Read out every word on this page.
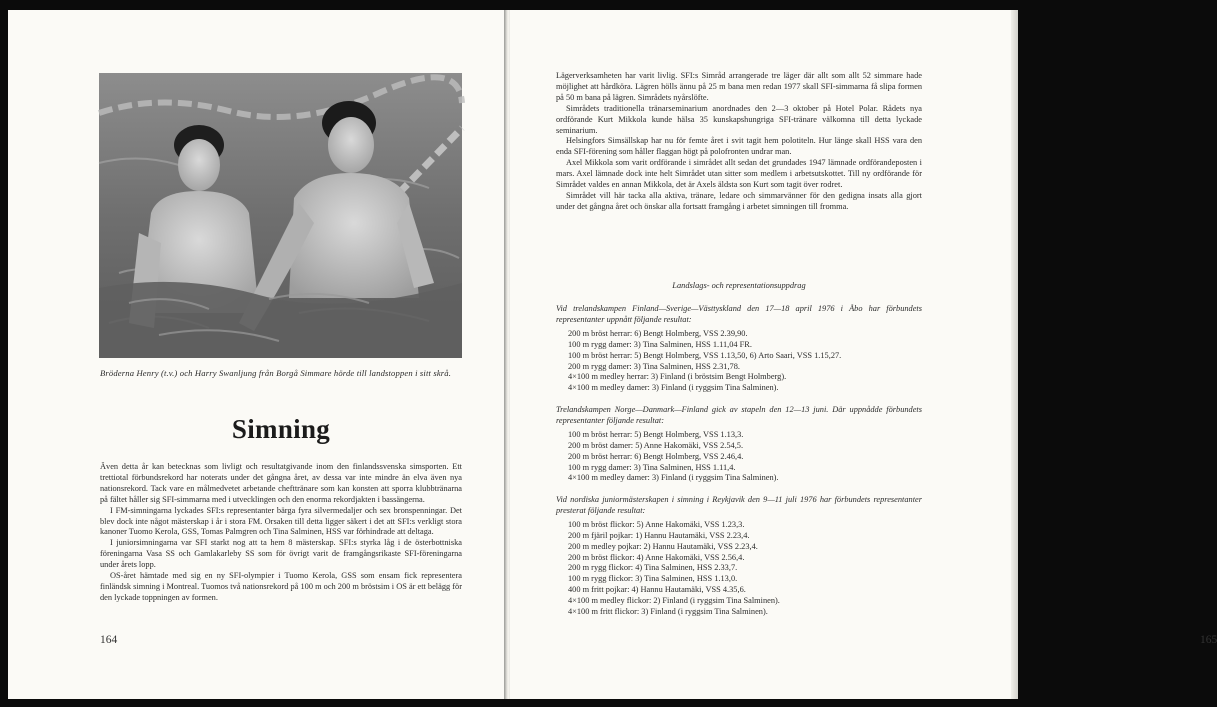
Bröderna Henry (t.v.) och Harry Swanljung från Borgå Simmare hörde till landstoppen i sitt skrå.
Simning

Även detta år kan betecknas som livligt och resultatgivande inom den finlandssvenska simsporten. Ett trettiotal förbundsrekord har noterats under det gångna året, av dessa var inte mindre än elva även nya nationsrekord. Tack vare en målmedvetet arbetande chefttränare som kan konsten att sporra klubbtränarna på fältet håller sig SFI-simmarna med i utvecklingen och den enorma rekordjakten i bassängerna.

I FM-simningarna lyckades SFI:s representanter bärga fyra silvermedaljer och sex bronspenningar. Det blev dock inte något mästerskap i år i stora FM. Orsaken till detta ligger säkert i det att SFI:s verkligt stora kanoner Tuomo Kerola, GSS, Tomas Palmgren och Tina Salminen, HSS var förhindrade att deltaga.

I juniorsimningarna var SFI starkt nog att ta hem 8 mästerskap. SFI:s styrka låg i de österbottniska föreningarna Vasa SS och Gamlakarleby SS som för övrigt varit de framgångsrikaste SFI-föreningarna under årets lopp.

OS-året hämtade med sig en ny SFI-olympier i Tuomo Kerola, GSS som ensam fick representera finländsk simning i Montreal. Tuomos två nationsrekord på 100 m och 200 m bröstsim i OS är ett belägg för den lyckade toppningen av formen.

164

Lägerverksamheten har varit livlig. SFI:s Simråd arrangerade tre läger där allt som allt 52 simmare hade möjlighet att hårdköra. Lägren hölls ännu på 25 m bana men redan 1977 skall SFI-simmarna få slipa formen på 50 m bana på lägren. Simrådets nyårslöfte.

Simrådets traditionella tränarseminarium anordnades den 2—3 oktober på Hotel Polar. Rådets nya ordförande Kurt Mikkola kunde hälsa 35 kunskapshungriga SFI-tränare välkomna till detta lyckade seminarium.

Helsingfors Simsällskap har nu för femte året i svit tagit hem polotiteln. Hur länge skall HSS vara den enda SFI-förening som håller flaggan högt på polofronten undrar man.

Axel Mikkola som varit ordförande i simrådet allt sedan det grundades 1947 lämnade ordförandeposten i mars. Axel lämnade dock inte helt Simrådet utan sitter som medlem i arbetsutskottet. Till ny ordförande för Simrådet valdes en annan Mikkola, det är Axels äldsta son Kurt som tagit över rodret.

Simrådet vill här tacka alla aktiva, tränare, ledare och simmarvänner för den gedigna insats alla gjort under det gångna året och önskar alla fortsatt framgång i arbetet simningen till fromma.

Landslags- och representationsuppdrag

Vid trelandskampen Finland—Sverige—Västtyskland den 17—18 april 1976 i Åbo har förbundets representanter uppnått följande resultat:

200 m bröst herrar: 6) Bengt Holmberg, VSS 2.39,90.
100 m rygg damer: 3) Tina Salminen, HSS 1.11,04 FR.
100 m bröst herrar: 5) Bengt Holmberg, VSS 1.13,50, 6) Arto Saari, VSS 1.15,27.
200 m rygg damer: 3) Tina Salminen, HSS 2.31,78.
4×100 m medley herrar: 3) Finland (i bröstsim Bengt Holmberg).
4×100 m medley damer: 3) Finland (i ryggsim Tina Salminen).

Trelandskampen Norge—Danmark—Finland gick av stapeln den 12—13 juni. Där uppnådde förbundets representanter följande resultat:

100 m bröst herrar: 5) Bengt Holmberg, VSS 1.13,3.
200 m bröst damer: 5) Anne Hakomäki, VSS 2.54,5.
200 m bröst herrar: 6) Bengt Holmberg, VSS 2.46,4.
100 m rygg damer: 3) Tina Salminen, HSS 1.11,4.
4×100 m medley damer: 3) Finland (i ryggsim Tina Salminen).

Vid nordiska juniormästerskapen i simning i Reykjavik den 9—11 juli 1976 har förbundets representanter presterat följande resultat:

100 m bröst flickor: 5) Anne Hakomäki, VSS 1.23,3.
200 m fjäril pojkar: 1) Hannu Hautamäki, VSS 2.23,4.
200 m medley pojkar: 2) Hannu Hautamäki, VSS 2.23,4.
200 m bröst flickor: 4) Anne Hakomäki, VSS 2.56,4.
200 m rygg flickor: 4) Tina Salminen, HSS 2.33,7.
100 m rygg flickor: 3) Tina Salminen, HSS 1.13,0.
400 m fritt pojkar: 4) Hannu Hautamäki, VSS 4.35,6.
4×100 m medley flickor: 2) Finland (i ryggsim Tina Salminen).
4×100 m fritt flickor: 3) Finland (i ryggsim Tina Salminen).
165
